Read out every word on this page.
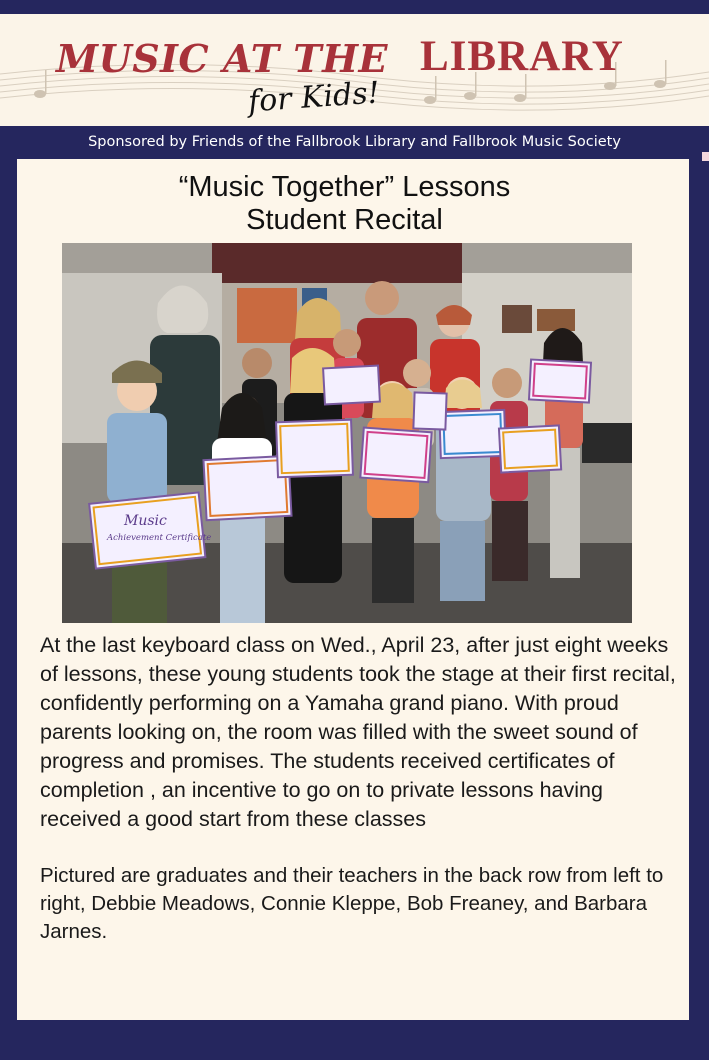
MUSIC AT THE LIBRARY
for Kids!
Sponsored by Friends of the Fallbrook Library and Fallbrook Music Society
“Music Together” Lessons
Student Recital
Music
Achievement Certificate

At the last keyboard class on Wed., April 23, after just eight weeks of lessons, these young students took the stage at their first recital, confidently performing on a Yamaha grand piano. With proud parents looking on, the room was filled with the sweet sound of progress and promises. The students received certificates of completion , an incentive to go on to private lessons having received a good start from these classes

Pictured are graduates and their teachers in the back row from left to right, Debbie Meadows, Connie Kleppe, Bob Freaney, and Barbara Jarnes.
